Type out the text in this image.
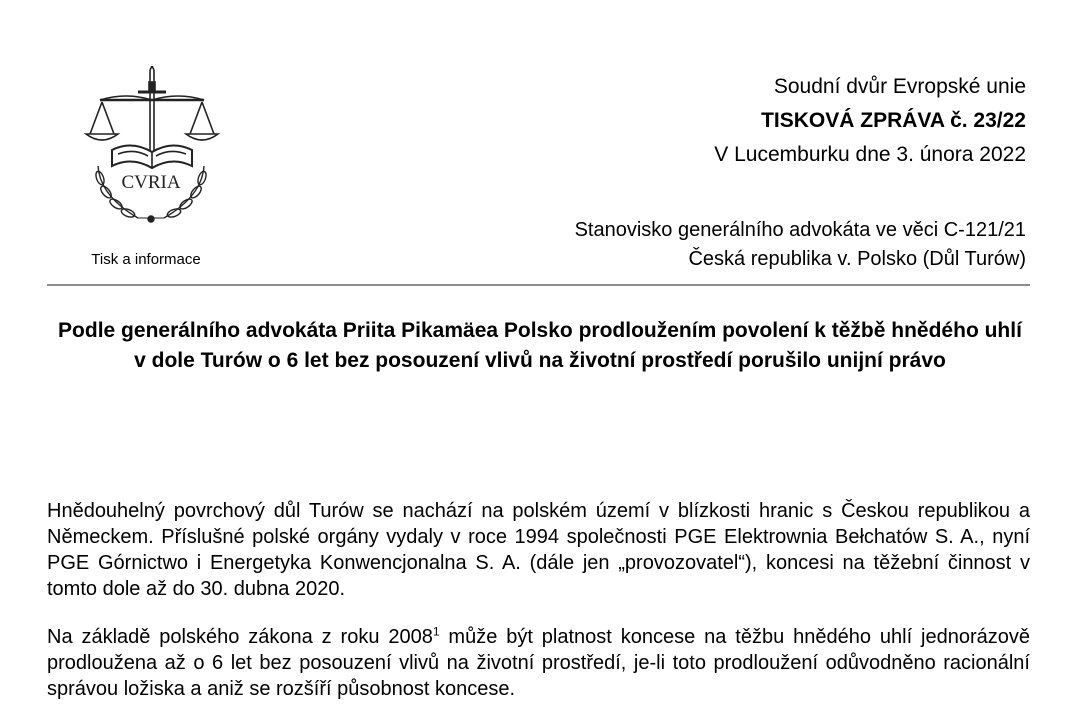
CVRIA
Tisk a informace
Soudní dvůr Evropské unie
TISKOVÁ ZPRÁVA č. 23/22
V Lucemburku dne 3. února 2022
Stanovisko generálního advokáta ve věci C-121/21
Česká republika v. Polsko (Důl Turów)
Podle generálního advokáta Priita Pikamäea Polsko prodloužením povolení k těžbě hnědého uhlí v dole Turów o 6 let bez posouzení vlivů na životní prostředí porušilo unijní právo

Hnědouhelný povrchový důl Turów se nachází na polském území v blízkosti hranic s Českou republikou a Německem. Příslušné polské orgány vydaly v roce 1994 společnosti PGE Elektrownia Bełchatów S. A., nyní PGE Górnictwo i Energetyka Konwencjonalna S. A. (dále jen „provozovatel“), koncesi na těžební činnost v tomto dole až do 30. dubna 2020.

Na základě polského zákona z roku 2008$^1$ může být platnost koncese na těžbu hnědého uhlí jednorázově prodloužena až o 6 let bez posouzení vlivů na životní prostředí, je-li toto prodloužení odůvodněno racionální správou ložiska a aniž se rozšíří působnost koncese.
